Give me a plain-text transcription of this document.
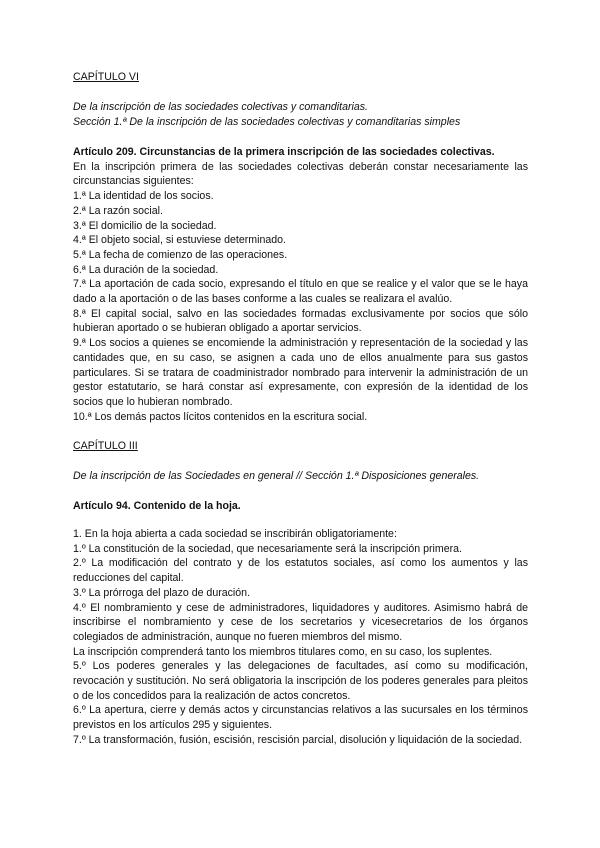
CAPÍTULO VI

De la inscripción de las sociedades colectivas y comanditarias.

Sección 1.ª De la inscripción de las sociedades colectivas y comanditarias simples

Artículo 209. Circunstancias de la primera inscripción de las sociedades colectivas.

En la inscripción primera de las sociedades colectivas deberán constar necesariamente las circunstancias siguientes:

1.ª La identidad de los socios.

2.ª La razón social.

3.ª El domicilio de la sociedad.

4.ª El objeto social, si estuviese determinado.

5.ª La fecha de comienzo de las operaciones.

6.ª La duración de la sociedad.

7.ª La aportación de cada socio, expresando el título en que se realice y el valor que se le haya dado a la aportación o de las bases conforme a las cuales se realizara el avalúo.

8.ª El capital social, salvo en las sociedades formadas exclusivamente por socios que sólo hubieran aportado o se hubieran obligado a aportar servicios.

9.ª Los socios a quienes se encomiende la administración y representación de la sociedad y las cantidades que, en su caso, se asignen a cada uno de ellos anualmente para sus gastos particulares. Si se tratara de coadministrador nombrado para intervenir la administración de un gestor estatutario, se hará constar así expresamente, con expresión de la identidad de los socios que lo hubieran nombrado.

10.ª Los demás pactos lícitos contenidos en la escritura social.

CAPÍTULO III

De la inscripción de las Sociedades en general // Sección 1.ª Disposiciones generales.

Artículo 94. Contenido de la hoja.

1. En la hoja abierta a cada sociedad se inscribirán obligatoriamente:

1.º La constitución de la sociedad, que necesariamente será la inscripción primera.

2.º La modificación del contrato y de los estatutos sociales, así como los aumentos y las reducciones del capital.

3.º La prórroga del plazo de duración.

4.º El nombramiento y cese de administradores, liquidadores y auditores. Asimismo habrá de inscribirse el nombramiento y cese de los secretarios y vicesecretarios de los órganos colegiados de administración, aunque no fueren miembros del mismo.

La inscripción comprenderá tanto los miembros titulares como, en su caso, los suplentes.

5.º Los poderes generales y las delegaciones de facultades, así como su modificación, revocación y sustitución. No será obligatoria la inscripción de los poderes generales para pleitos o de los concedidos para la realización de actos concretos.

6.º La apertura, cierre y demás actos y circunstancias relativos a las sucursales en los términos previstos en los artículos 295 y siguientes.

7.º La transformación, fusión, escisión, rescisión parcial, disolución y liquidación de la sociedad.
